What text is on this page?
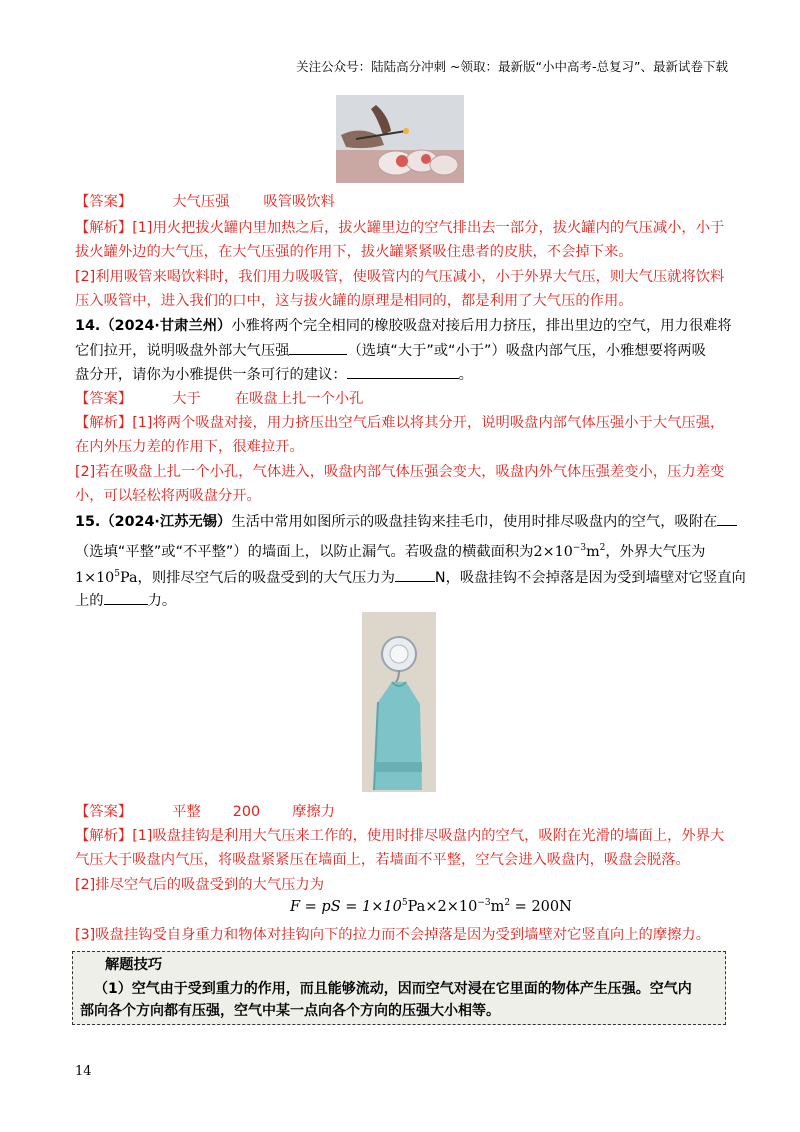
关注公众号：陆陆高分冲刺 ~领取：最新版“小中高考-总复习”、最新试卷下载
【答案】	大气压强 吸管吸饮料
【解析】[1]用火把拔火罐内里加热之后，拔火罐里边的空气排出去一部分，拔火罐内的气压减小，小于
拔火罐外边的大气压，在大气压强的作用下，拔火罐紧紧吸住患者的皮肤，不会掉下来。
[2]利用吸管来喝饮料时，我们用力吸吸管，使吸管内的气压减小，小于外界大气压，则大气压就将饮料
压入吸管中，进入我们的口中，这与拔火罐的原理是相同的，都是利用了大气压的作用。
14.（2024·甘肃兰州）小雅将两个完全相同的橡胶吸盘对接后用力挤压，排出里边的空气，用力很难将
它们拉开，说明吸盘外部大气压强	（选填“大于”或“小于”）吸盘内部气压，小雅想要将两吸
盘分开，请你为小雅提供一条可行的建议：	。
【答案】	大于 在吸盘上扎一个小孔
【解析】[1]将两个吸盘对接，用力挤压出空气后难以将其分开，说明吸盘内部气体压强小于大气压强，
在内外压力差的作用下，很难拉开。
[2]若在吸盘上扎一个小孔，气体进入，吸盘内部气体压强会变大，吸盘内外气体压强差变小，压力差变
小，可以轻松将两吸盘分开。
15.（2024·江苏无锡）生活中常用如图所示的吸盘挂钩来挂毛巾，使用时排尽吸盘内的空气，吸附在
（选填“平整”或“不平整”）的墙面上，以防止漏气。若吸盘的横截面积为$2\times 10^{-3}m^2$，外界大气压为
$1\times 10^5Pa$，则排尽空气后的吸盘受到的大气压力为	N，吸盘挂钩不会掉落是因为受到墙壁对它竖直向
上的	力。
【答案】	平整 200 摩擦力
【解析】[1]吸盘挂钩是利用大气压来工作的，使用时排尽吸盘内的空气，吸附在光滑的墙面上，外界大
气压大于吸盘内气压，将吸盘紧紧压在墙面上，若墙面不平整，空气会进入吸盘内，吸盘会脱落。
[2]排尽空气后的吸盘受到的大气压力为
F = pS = $1\times 10^5Pa\times 2\times 10^{-3}m^2 = 200N$
[3]吸盘挂钩受自身重力和物体对挂钩向下的拉力而不会掉落是因为受到墙壁对它竖直向上的摩擦力。
解题技巧
（1）空气由于受到重力的作用，而且能够流动，因而空气对浸在它里面的物体产生压强。空气内
部向各个方向都有压强，空气中某一点向各个方向的压强大小相等。
14
